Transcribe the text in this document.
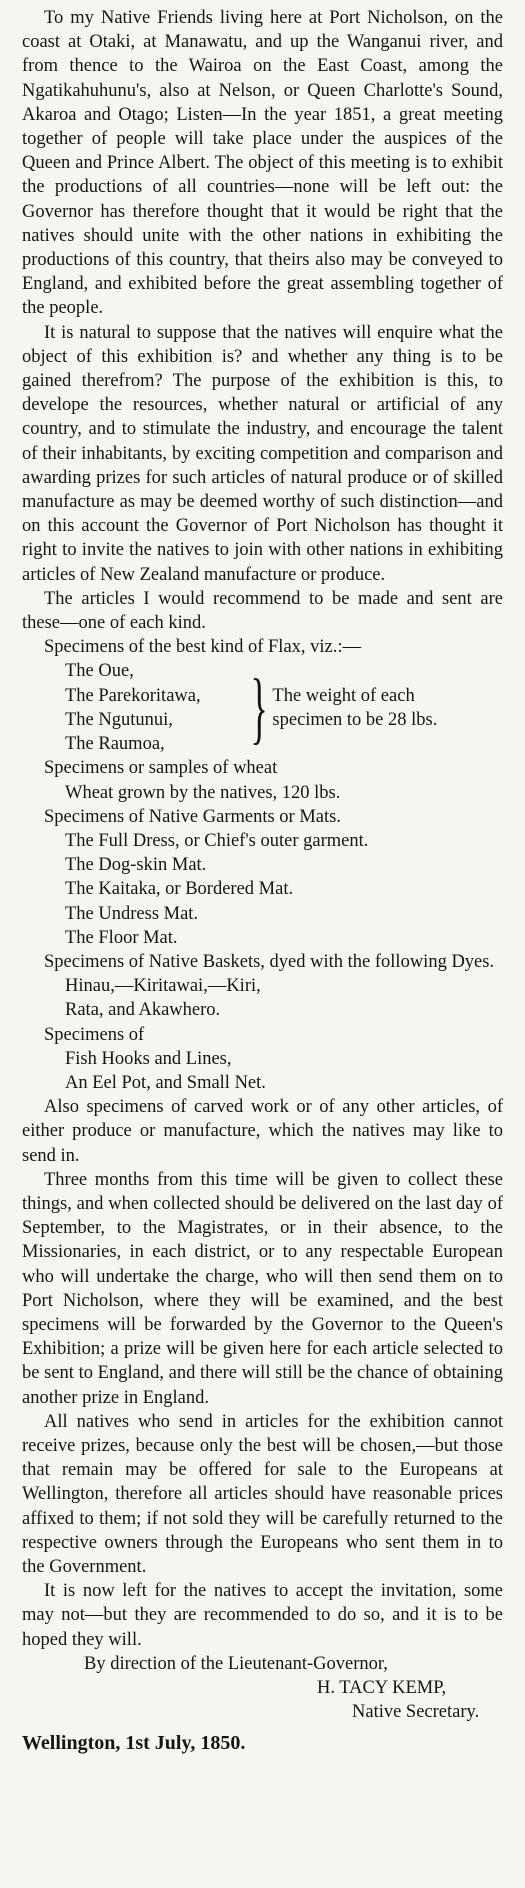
To my Native Friends living here at Port Nicholson, on the coast at Otaki, at Manawatu, and up the Wanganui river, and from thence to the Wairoa on the East Coast, among the Ngatikahuhunu's, also at Nelson, or Queen Charlotte's Sound, Akaroa and Otago; Listen—In the year 1851, a great meeting together of people will take place under the auspices of the Queen and Prince Albert. The object of this meeting is to exhibit the productions of all countries—none will be left out: the Governor has therefore thought that it would be right that the natives should unite with the other nations in exhibiting the productions of this country, that theirs also may be conveyed to England, and exhibited before the great assembling together of the people.

It is natural to suppose that the natives will enquire what the object of this exhibition is? and whether any thing is to be gained therefrom? The purpose of the exhibition is this, to develope the resources, whether natural or artificial of any country, and to stimulate the industry, and encourage the talent of their inhabitants, by exciting competition and comparison and awarding prizes for such articles of natural produce or of skilled manufacture as may be deemed worthy of such distinction—and on this account the Governor of Port Nicholson has thought it right to invite the natives to join with other nations in exhibiting articles of New Zealand manufacture or produce.

The articles I would recommend to be made and sent are these—one of each kind.

Specimens of the best kind of Flax, viz.:—
The Oue,
The Parekoritawa,
The Ngutunui,
The Raumoa,	} The weight of each specimen to be 28 lbs.
Specimens or samples of wheat
Wheat grown by the natives, 120 lbs.
Specimens of Native Garments or Mats.
The Full Dress, or Chief's outer garment.
The Dog-skin Mat.
The Kaitaka, or Bordered Mat.
The Undress Mat.
The Floor Mat.
Specimens of Native Baskets, dyed with the following Dyes.
Hinau,—Kiritawai,—Kiri,
Rata, and Akawhero.
Specimens of
Fish Hooks and Lines,
An Eel Pot, and Small Net.

Also specimens of carved work or of any other articles, of either produce or manufacture, which the natives may like to send in.

Three months from this time will be given to collect these things, and when collected should be delivered on the last day of September, to the Magistrates, or in their absence, to the Missionaries, in each district, or to any respectable European who will undertake the charge, who will then send them on to Port Nicholson, where they will be examined, and the best specimens will be forwarded by the Governor to the Queen's Exhibition; a prize will be given here for each article selected to be sent to England, and there will still be the chance of obtaining another prize in England.

All natives who send in articles for the exhibition cannot receive prizes, because only the best will be chosen,—but those that remain may be offered for sale to the Europeans at Wellington, therefore all articles should have reasonable prices affixed to them; if not sold they will be carefully returned to the respective owners through the Europeans who sent them in to the Government.

It is now left for the natives to accept the invitation, some may not—but they are recommended to do so, and it is to be hoped they will.

By direction of the Lieutenant-Governor,
H. TACY KEMP,
Native Secretary.
Wellington, 1st July, 1850.
